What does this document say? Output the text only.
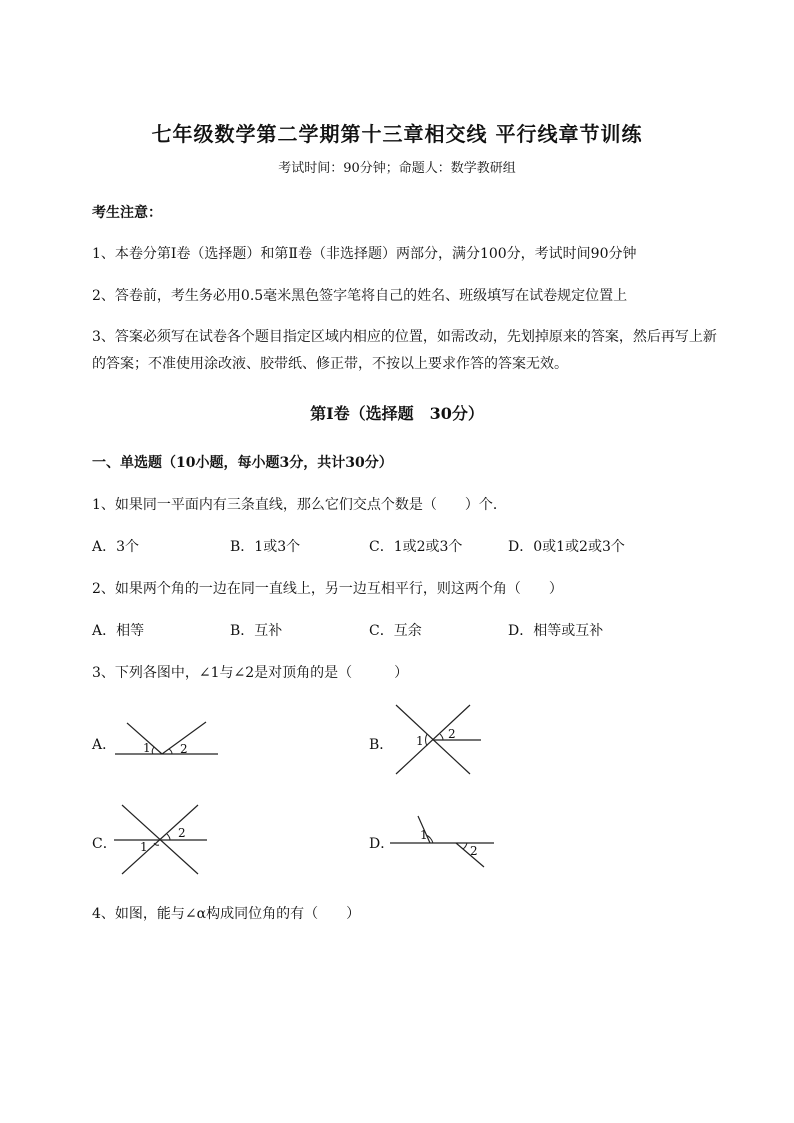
七年级数学第二学期第十三章相交线 平行线章节训练
考试时间：90分钟；命题人：数学教研组
考生注意：
1、本卷分第Ⅰ卷（选择题）和第Ⅱ卷（非选择题）两部分，满分100分，考试时间90分钟
2、答卷前，考生务必用0.5毫米黑色签字笔将自己的姓名、班级填写在试卷规定位置上
3、答案必须写在试卷各个题目指定区域内相应的位置，如需改动，先划掉原来的答案，然后再写上新
的答案；不准使用涂改液、胶带纸、修正带，不按以上要求作答的答案无效。
第Ⅰ卷（选择题　30分）
一、单选题（10小题，每小题3分，共计30分）
1、如果同一平面内有三条直线，那么它们交点个数是（　　）个．
A．3个	B．1或3个	C．1或2或3个	D．0或1或2或3个
2、如果两个角的一边在同一直线上，另一边互相平行，则这两个角（　　）
A．相等	B．互补	C．互余	D．相等或互补
3、下列各图中，∠1与∠2是对顶角的是（　　　）
A． 1 2	B． 1 2
C． 1
2
D．
1
2
4、如图，能与∠α构成同位角的有（　　）
